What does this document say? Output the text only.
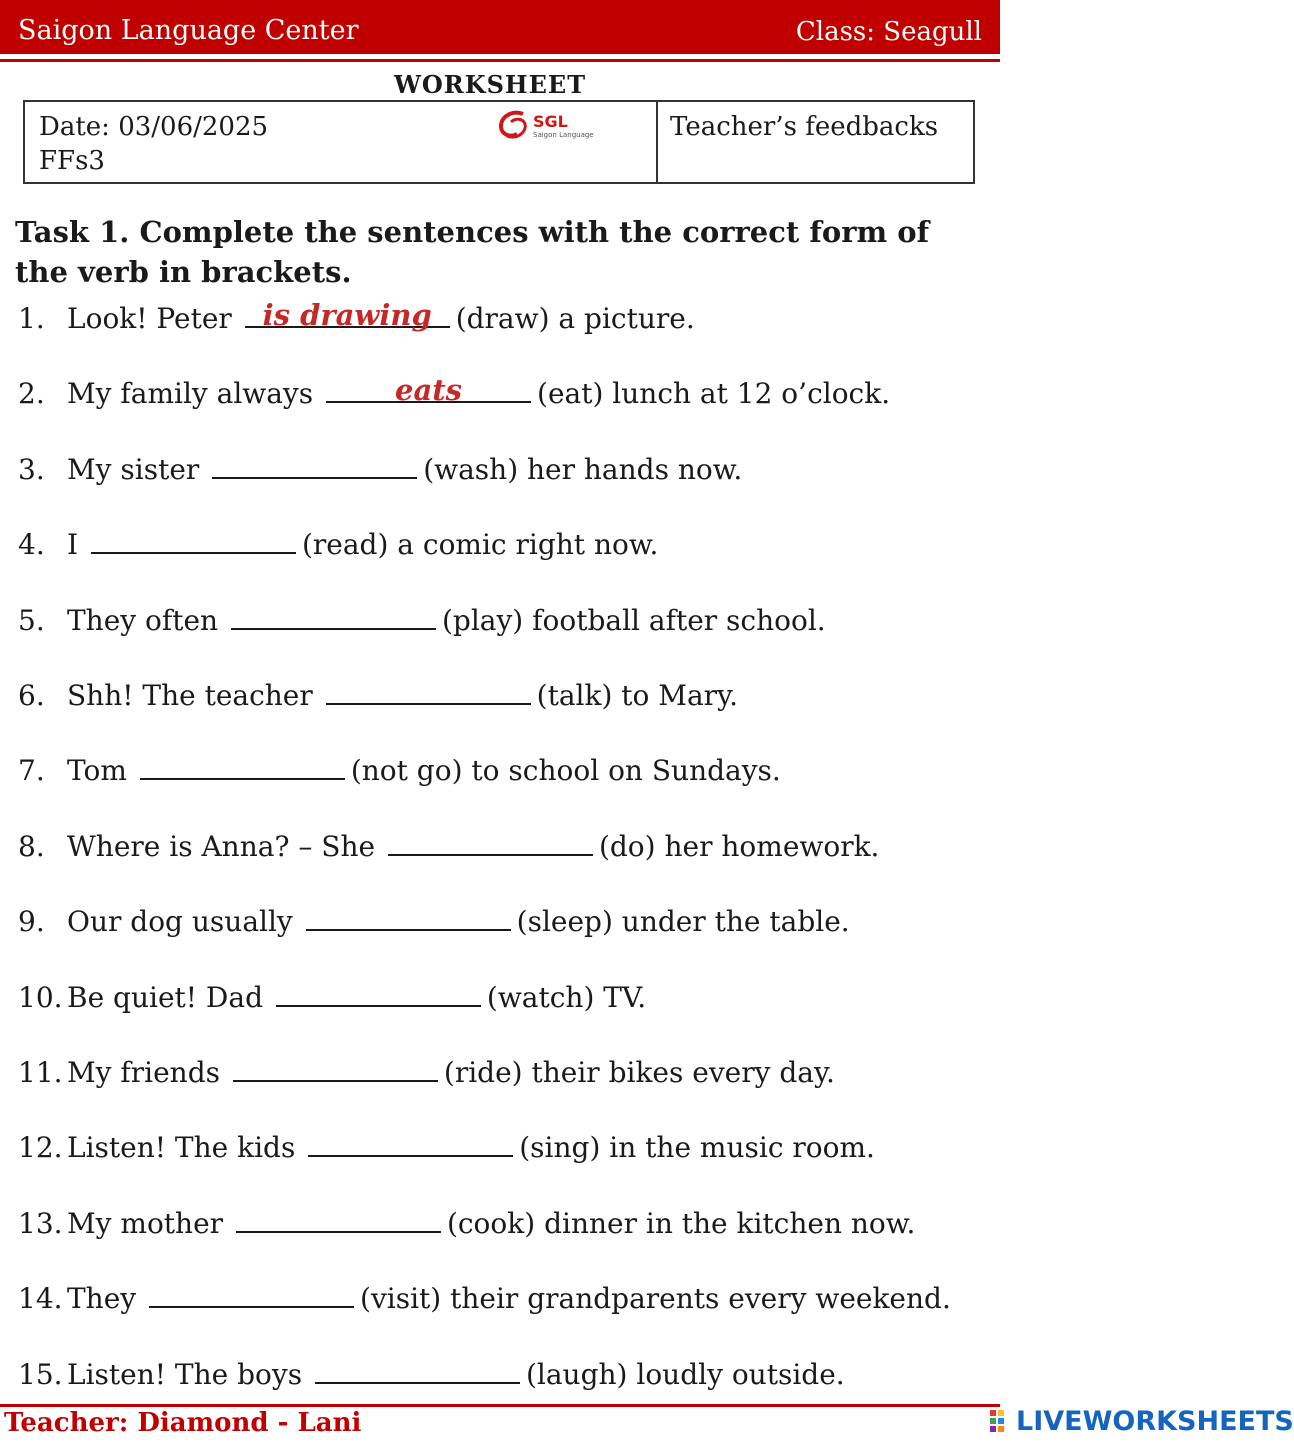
Saigon Language Center	Class: Seagull
WORKSHEET
Date: 03/06/2025
FFs3
SGL
Saigon Language	Teacher’s feedbacks
Task 1. Complete the sentences with the correct form of the verb in brackets.
1. Look! Peter	is drawing (draw) a picture.
2. My family always	eats	(eat) lunch at 12 o’clock.
3. My sister	(wash) her hands now.
4. I	(read) a comic right now.
5. They often	(play) football after school.
6. Shh! The teacher	(talk) to Mary.
7. Tom	(not go) to school on Sundays.
8. Where is Anna? – She	(do) her homework.
9. Our dog usually	(sleep) under the table.
10. Be quiet! Dad	(watch) TV.
11. My friends	(ride) their bikes every day.
12. Listen! The kids	(sing) in the music room.
13. My mother	(cook) dinner in the kitchen now.
14. They	(visit) their grandparents every weekend.
15. Listen! The boys	(laugh) loudly outside.
Teacher: Diamond - Lani	LIVEWORKSHEETS
